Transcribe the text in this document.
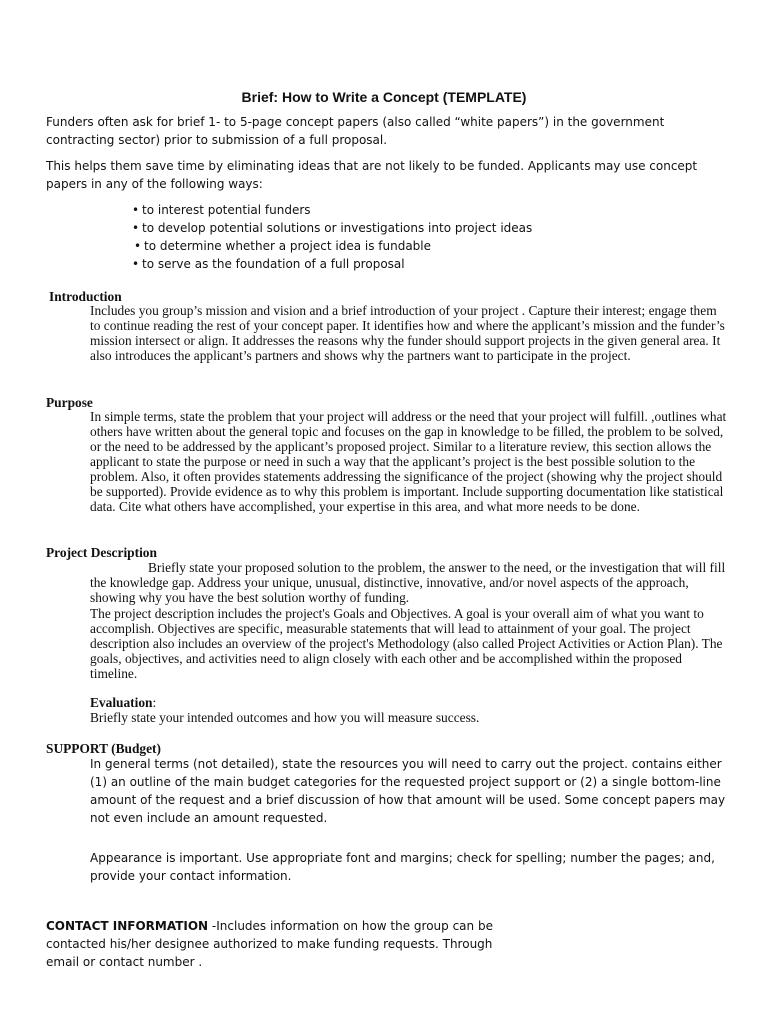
Brief: How to Write a Concept (TEMPLATE)

Funders often ask for brief 1- to 5-page concept papers (also called “white papers”) in the government contracting sector) prior to submission of a full proposal.

This helps them save time by eliminating ideas that are not likely to be funded. Applicants may use concept papers in any of the following ways:

• to interest potential funders
• to develop potential solutions or investigations into project ideas
• to determine whether a project idea is fundable
• to serve as the foundation of a full proposal
Introduction

Includes you group’s mission and vision and a brief introduction of your project . Capture their interest; engage them to continue reading the rest of your concept paper. It identifies how and where the applicant’s mission and the funder’s mission intersect or align. It addresses the reasons why the funder should support projects in the given general area. It also introduces the applicant’s partners and shows why the partners want to participate in the project.

Purpose

In simple terms, state the problem that your project will address or the need that your project will fulfill. ,outlines what others have written about the general topic and focuses on the gap in knowledge to be filled, the problem to be solved, or the need to be addressed by the applicant’s proposed project. Similar to a literature review, this section allows the applicant to state the purpose or need in such a way that the applicant’s project is the best possible solution to the problem. Also, it often provides statements addressing the significance of the project (showing why the project should be supported). Provide evidence as to why this problem is important. Include supporting documentation like statistical data. Cite what others have accomplished, your expertise in this area, and what more needs to be done.

Project Description

Briefly state your proposed solution to the problem, the answer to the need, or the investigation that will fill the knowledge gap. Address your unique, unusual, distinctive, innovative, and/or novel aspects of the approach, showing why you have the best solution worthy of funding.

The project description includes the project's Goals and Objectives. A goal is your overall aim of what you want to accomplish. Objectives are specific, measurable statements that will lead to attainment of your goal. The project description also includes an overview of the project's Methodology (also called Project Activities or Action Plan). The goals, objectives, and activities need to align closely with each other and be accomplished within the proposed timeline.

Evaluation:

Briefly state your intended outcomes and how you will measure success.

SUPPORT (Budget)

In general terms (not detailed), state the resources you will need to carry out the project. contains either (1) an outline of the main budget categories for the requested project support or (2) a single bottom-line amount of the request and a brief discussion of how that amount will be used. Some concept papers may not even include an amount requested.

Appearance is important. Use appropriate font and margins; check for spelling; number the pages; and, provide your contact information.

CONTACT INFORMATION -Includes information on how the group can be contacted his/her designee authorized to make funding requests. Through email or contact number .
